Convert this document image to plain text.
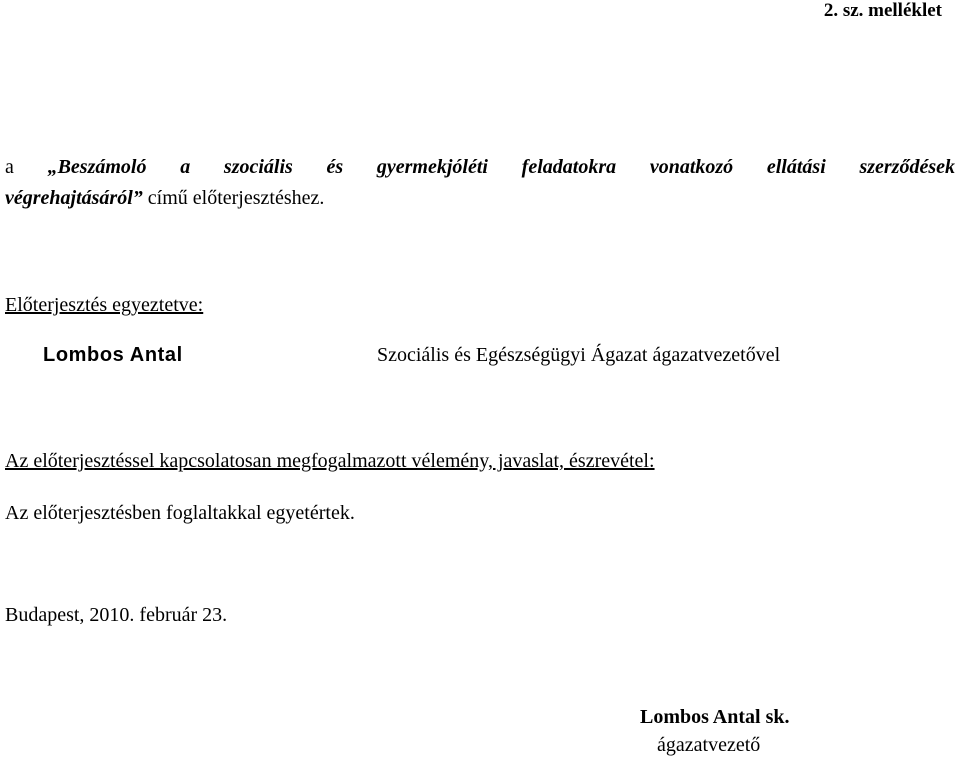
2. sz. melléklet
a „Beszámoló a szociális és gyermekjóléti feladatokra vonatkozó ellátási szerződések
végrehajtásáról” című előterjesztéshez.
Előterjesztés egyeztetve:
Lombos Antal	Szociális és Egészségügyi Ágazat ágazatvezetővel
Az előterjesztéssel kapcsolatosan megfogalmazott vélemény, javaslat, észrevétel:
Az előterjesztésben foglaltakkal egyetértek.
Budapest, 2010. február 23.
Lombos Antal sk.
ágazatvezető
